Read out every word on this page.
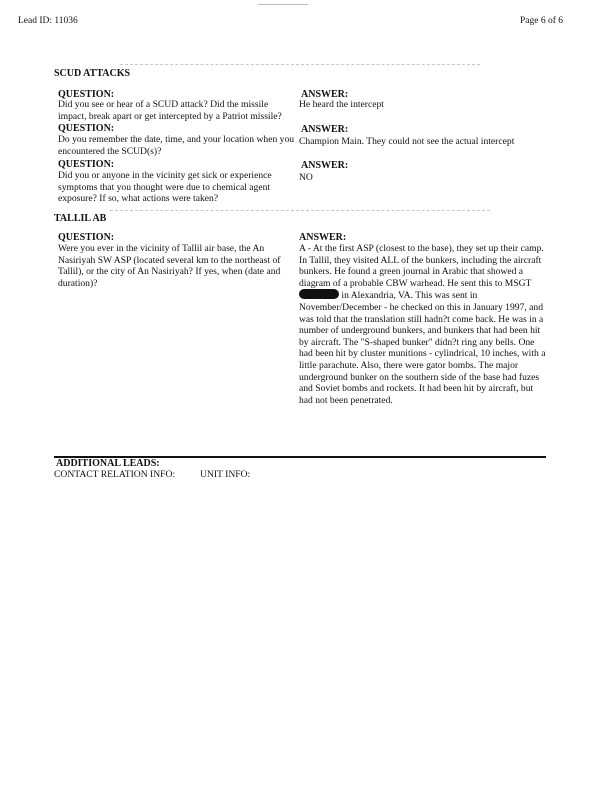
Lead ID: 11036	Page 6 of 6
SCUD ATTACKS
QUESTION:
Did you see or hear of a SCUD attack? Did the missile impact, break apart or get intercepted by a Patriot missile?
ANSWER:
He heard the intercept
QUESTION:
Do you remember the date, time, and your location when you encountered the SCUD(s)?
ANSWER:
Champion Main. They could not see the actual intercept
QUESTION:
Did you or anyone in the vicinity get sick or experience symptoms that you thought were due to chemical agent exposure? If so, what actions were taken?
ANSWER:
NO
TALLIL AB
QUESTION:
Were you ever in the vicinity of Tallil air base, the An Nasiriyah SW ASP (located several km to the northeast of Tallil), or the city of An Nasiriyah? If yes, when (date and duration)?
ANSWER:
A - At the first ASP (closest to the base), they set up their camp. In Tallil, they visited ALL of the bunkers, including the aircraft bunkers. He found a green journal in Arabic that showed a diagram of a probable CBW warhead. He sent this to MSGT in Alexandria, VA. This was sent in November/December - he checked on this in January 1997, and was told that the translation still hadn?t come back. He was in a number of underground bunkers, and bunkers that had been hit by aircraft. The "S-shaped bunker" didn?t ring any bells. One had been hit by cluster munitions - cylindrical, 10 inches, with a little parachute. Also, there were gator bombs. The major underground bunker on the southern side of the base had fuzes and Soviet bombs and rockets. It had been hit by aircraft, but had not been penetrated.
ADDITIONAL LEADS:
CONTACT RELATION INFO:	UNIT INFO:
